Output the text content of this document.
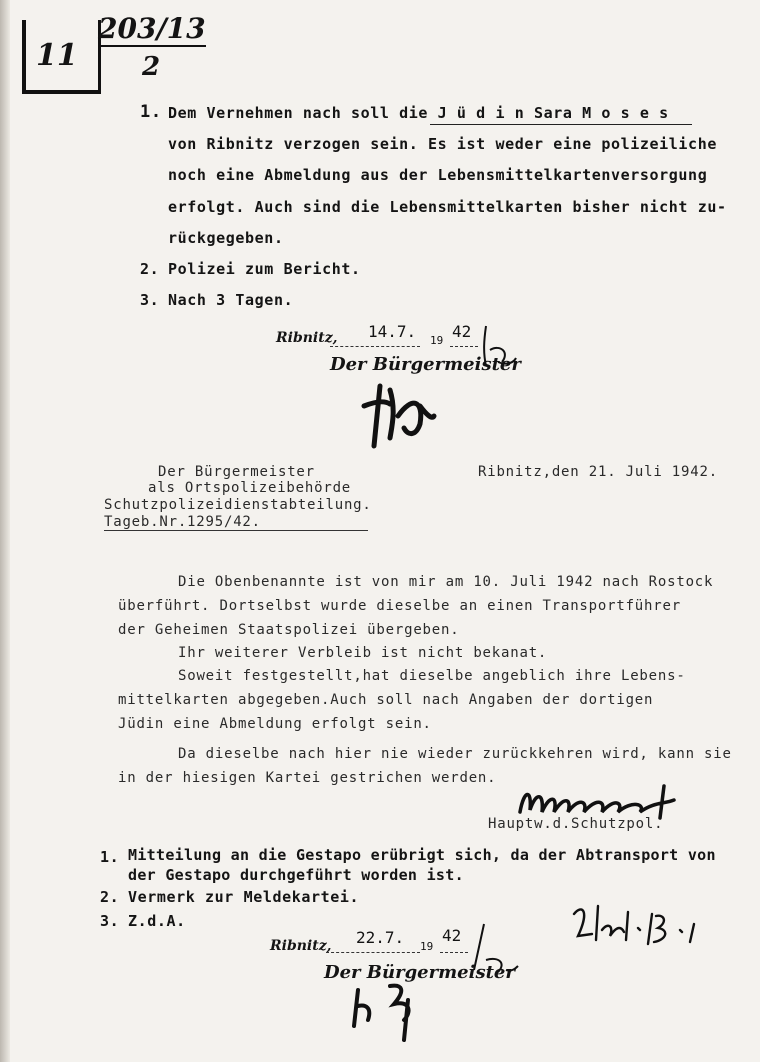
11
203/13
2
1. Dem Vernehmen nach soll die J ü d i n Sara M o s e s
von Ribnitz verzogen sein. Es ist weder eine polizeiliche
noch eine Abmeldung aus der Lebensmittelkartenversorgung
erfolgt. Auch sind die Lebensmittelkarten bisher nicht zu-
rückgegeben.
2. Polizei zum Bericht.
3. Nach 3 Tagen.
Ribnitz, 14.7. 19 42
Der Bürgermeister
Der Bürgermeister
als Ortspolizeibehörde
Schutzpolizeidienstabteilung.
Tageb.Nr.1295/42.
Ribnitz,den 21. Juli 1942.
Die Obenbenannte ist von mir am 10. Juli 1942 nach Rostock
überführt. Dortselbst wurde dieselbe an einen Transportführer
der Geheimen Staatspolizei übergeben.
Ihr weiterer Verbleib ist nicht bekanat.
Soweit festgestellt,hat dieselbe angeblich ihre Lebens-
mittelkarten abgegeben.Auch soll nach Angaben der dortigen
Jüdin eine Abmeldung erfolgt sein.
Da dieselbe nach hier nie wieder zurückkehren wird, kann sie
in der hiesigen Kartei gestrichen werden.
Hauptw.d.Schutzpol.
1. Mitteilung an die Gestapo erübrigt sich, da der Abtransport von
der Gestapo durchgeführt worden ist.
2. Vermerk zur Meldekartei.
3. Z.d.A.
Ribnitz, 22.7. 19
42
Der Bürgermeister
